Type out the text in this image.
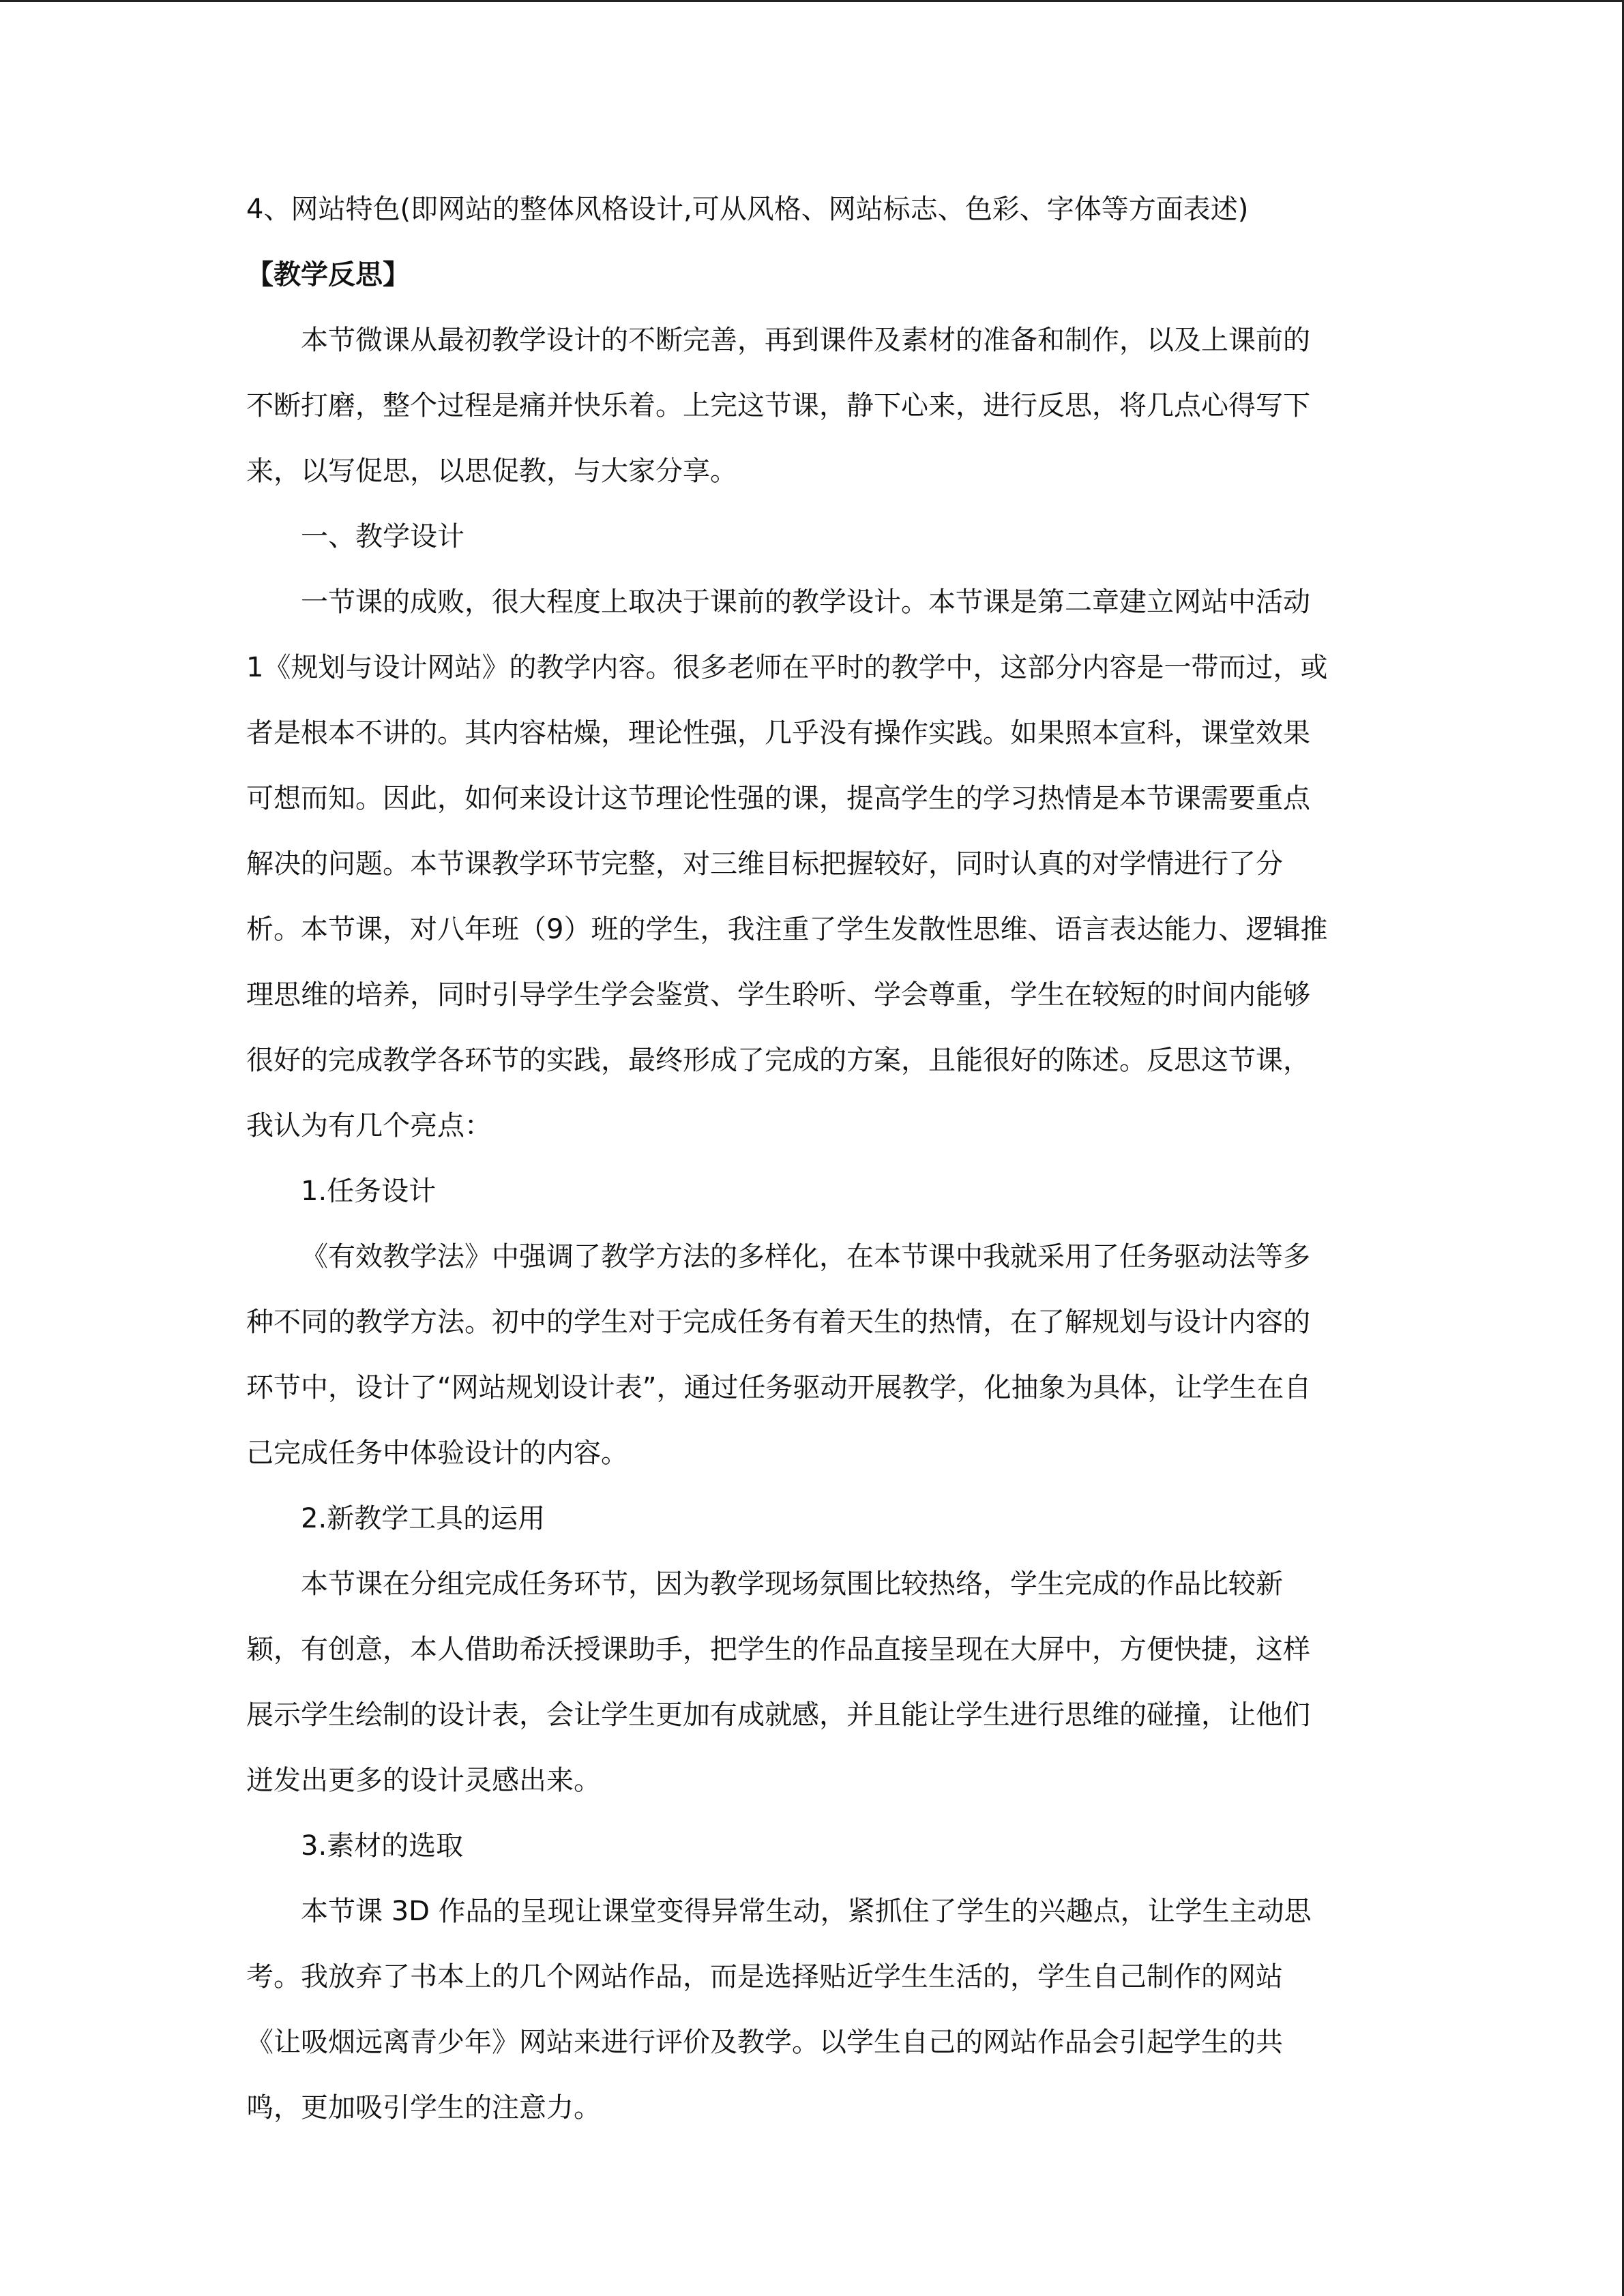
4、网站特色(即网站的整体风格设计,可从风格、网站标志、色彩、字体等方面表述)
【教学反思】
本节微课从最初教学设计的不断完善，再到课件及素材的准备和制作，以及上课前的
不断打磨，整个过程是痛并快乐着。上完这节课，静下心来，进行反思，将几点心得写下
来，以写促思，以思促教，与大家分享。
一、教学设计
一节课的成败，很大程度上取决于课前的教学设计。本节课是第二章建立网站中活动
1《规划与设计网站》的教学内容。很多老师在平时的教学中，这部分内容是一带而过，或
者是根本不讲的。其内容枯燥，理论性强，几乎没有操作实践。如果照本宣科，课堂效果
可想而知。因此，如何来设计这节理论性强的课，提高学生的学习热情是本节课需要重点
解决的问题。本节课教学环节完整，对三维目标把握较好，同时认真的对学情进行了分
析。本节课，对八年班（9）班的学生，我注重了学生发散性思维、语言表达能力、逻辑推
理思维的培养，同时引导学生学会鉴赏、学生聆听、学会尊重，学生在较短的时间内能够
很好的完成教学各环节的实践，最终形成了完成的方案，且能很好的陈述。反思这节课，
我认为有几个亮点：
1.任务设计
《有效教学法》中强调了教学方法的多样化，在本节课中我就采用了任务驱动法等多
种不同的教学方法。初中的学生对于完成任务有着天生的热情，在了解规划与设计内容的
环节中，设计了“网站规划设计表”，通过任务驱动开展教学，化抽象为具体，让学生在自
己完成任务中体验设计的内容。
2.新教学工具的运用
本节课在分组完成任务环节，因为教学现场氛围比较热络，学生完成的作品比较新
颖，有创意，本人借助希沃授课助手，把学生的作品直接呈现在大屏中，方便快捷，这样
展示学生绘制的设计表，会让学生更加有成就感，并且能让学生进行思维的碰撞，让他们
迸发出更多的设计灵感出来。
3.素材的选取
本节课 3D 作品的呈现让课堂变得异常生动，紧抓住了学生的兴趣点，让学生主动思
考。我放弃了书本上的几个网站作品，而是选择贴近学生生活的，学生自己制作的网站
《让吸烟远离青少年》网站来进行评价及教学。以学生自己的网站作品会引起学生的共
鸣，更加吸引学生的注意力。
